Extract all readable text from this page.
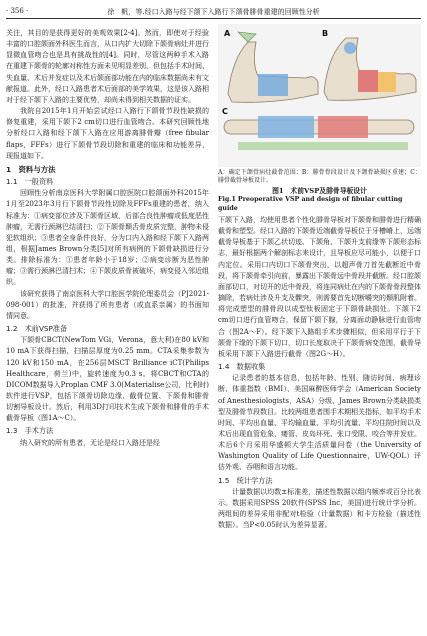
· 356 ·	徐　帆，等.经口入路与经下颌下入路行下颌骨腓骨重建的回顾性分析

关注，其目的是获得更好的美观效果[2-4]。然而，即使对于经验丰富的口腔颌面外科医生而言，从口内扩大切除下颌骨病灶并进行显微血管吻合也是具有挑战性的[4]。同时，尽管这两种手术入路在重建下颌骨的轮廓对称性方面未见明显差别，但包括手术时间、失血量、术后并发症以及术后颌面部功能在内的临床数据尚未有文献报道。此外，经口入路患者术后面部的美学效果，这是该入路相对于经下颌下入路的主要优势，却尚未得到相关数据的证实。

我院自2015年1月开始尝试经口入路行下颌骨节段性缺损的修复重建，采用下颌下2 cm切口进行血管吻合。本研究回顾性地分析经口入路和经下颌下入路在应用游离腓骨瓣（free fibular flaps，FFFs）进行下颌骨节段切除和重建的临床和功能差异，现报道如下。

1　资料与方法
1.1　一般资料

回顾性分析南京医科大学附属口腔医院口腔颌面外科2015年1月至2023年3月行下颌骨节段性切除及FFFs重建的患者，纳入标准为：①病变部位涉及下颌骨区域，后部合良性肿瘤或低度恶性肿瘤，无需行颈淋巴结清扫；②下颌骨颞舌骨皮质完整，肿物未侵犯软组织；③患者全身条件良好，分为口内入路和经下颌下入路两组，根据James Brown分类[5]对所有病例的下颌骨缺损进行分类。排除标准为：①患者年龄小于18岁；②病变诊断为恶性肿瘤；③需行颈淋巴清扫术；④下颌皮质骨被破坏，病变侵入邻近组织。

该研究获得了南京医科大学口腔医学院伦理委员会（PJ2021-098-001）的批准，并获得了所有患者（或直系亲属）的书面知情同意。

1.2　术前VSP准备

下颌骨CBCT(NewTom VGi，Verona，意大利)在80 kV和10 mA下获得扫描，扫描层厚度为0.25 mm。CTA采集参数为120 kV和150 mA，在256层MSCT Brilliance iCT(Philips Healthcare，荷兰)中，旋转速度为0.3 s。将CBCT和CTA的DICOM数据导入Proplan CMF 3.0(Materialise公司，比利时)软件进行VSP，包括下颌骨切除边缘、截骨位置、下颌骨和腓骨切割导板设计。然后，利用3D打印技术生成下颌骨和腓骨的手术截骨导板（图1A～C）。

1.3　手术方法

纳入研究的所有患者，无论是经口入路还是经

A	B
C
A：确定下颌骨病灶截骨范围；B：腓骨骨段设计及下颌骨缺损区重建；C：腓骨截骨导板设计。
图1　术前VSP及腓骨导板设计
Fig.1 Preoperative VSP and design of fibular cutting guide

下颌下入路，均使用患者个性化腓骨导板对下颌骨和腓骨进行精确截骨和塑型。经口入路的下颌骨近端截骨导板位于牙槽嵴上，远端截骨导板基于下颌乙状切迹、下颌角、下颌升支前缘等下颌形态标志，最好根据两个解剖标志来设计，且导板应尽可能小，以便于口内定位。采用口内切口下颌骨突出，以超声骨刀首先截断近中骨段，将下颌骨牵引向前，暴露出下颌骨远中骨段并截断。经口腔颌面部切口，对切开的近中骨段，将连同病灶在内的下颌骨骨段整体摘除，若病灶涉及升支及髁突，则需要首先切断嚼突的颞肌附着。将完成塑型的腓骨段以成型钛板固定于下颌骨缺损处。下颌下2 cm切口进行血管吻合，保留下颌下腺，分离面动静脉进行血管吻合（图2A～F）。经下颌下入路组手术步骤相似，但采用平行于下颌骨下缘的下颌下切口，切口长度取决于下颌骨病变范围，截骨导板采用下颌下入路进行截骨（图2G～H）。

1.4　数据收集

记录患者的基本信息，包括年龄、性别、随访时间、病理诊断、体重指数（BMI）、美国麻醉医师学会（American Society of Anesthesiologists，ASA）分级、James Brown分类缺损类型及腓骨节段数目。比较两组患者围手术期相关指标，如平均手术时间、平均出血量、平均输血量、平均引流量、平均住院时间以及术后出现血管危象、瘘管、皮岛坏死、张口受限、咬合等并发症。术后6个月采用华盛顿大学生活质量问卷（the University of Washington Quality of Life Questionnaire，UW-QOL）评估外观、吞咽和语言功能。

1.5　统计学方法

计量数据以均数±标准差，描述性数据以组内频率或百分比表示。数据采用SPSS 20软件(SPSS Inc，美国)进行统计学分析。两组间的差异采用非配对t检验（计量数据）和卡方检验（描述性数据）。当P<0.05时认为差异显著。
